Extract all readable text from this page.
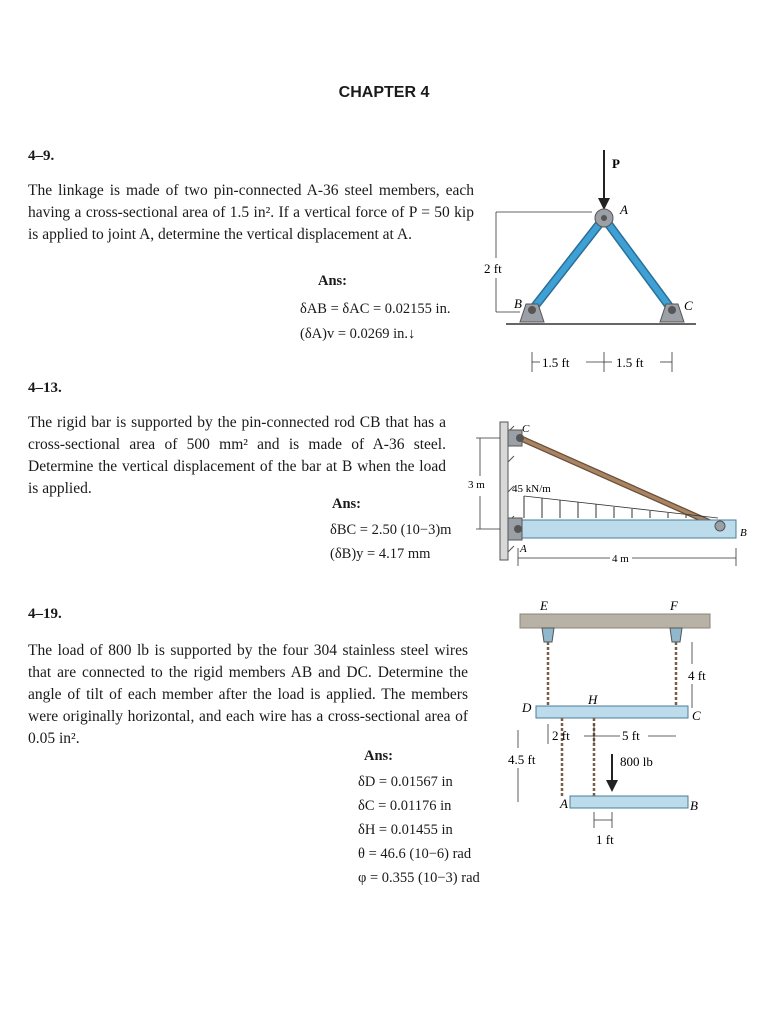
CHAPTER 4
4–9.
The linkage is made of two pin-connected A-36 steel members, each having a cross-sectional area of 1.5 in². If a vertical force of P = 50 kip is applied to joint A, determine the vertical displacement at A.
Ans:
δAB = δAC = 0.02155 in.
(δA)v = 0.0269 in.↓
P
A
B	C
2 ft
1.5 ft	1.5 ft
4–13.
The rigid bar is supported by the pin-connected rod CB that has a cross-sectional area of 500 mm² and is made of A-36 steel. Determine the vertical displacement of the bar at B when the load is applied.
Ans:
δBC = 2.50 (10−3)m
(δB)y = 4.17 mm
C
B
A
45 kN/m
3 m
4 m
4–19.
The load of 800 lb is supported by the four 304 stainless steel wires that are connected to the rigid members AB and DC. Determine the angle of tilt of each member after the load is applied. The members were originally horizontal, and each wire has a cross-sectional area of 0.05 in².
Ans:
δD = 0.01567 in
δC = 0.01176 in
δH = 0.01455 in
θ = 46.6 (10−6) rad
φ = 0.355 (10−3) rad
E	F
D
C
H
4 ft
2 ft	5 ft
4.5 ft	800 lb
A	B
1 ft
